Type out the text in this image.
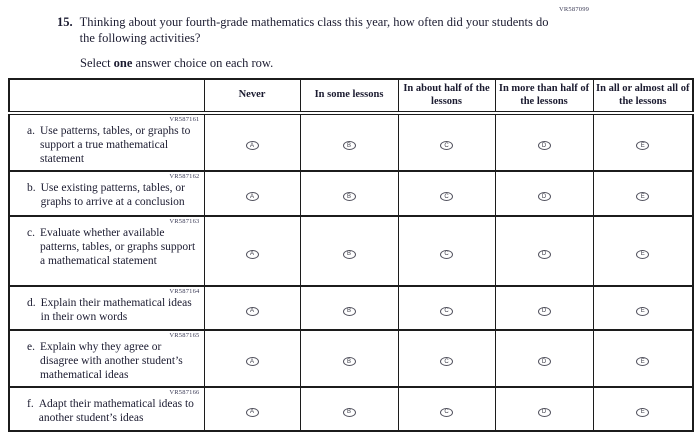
VR587099
15. Thinking about your fourth-grade mathematics class this year, how often did your students do the following activities?
Select one answer choice on each row.
	Never	In some lessons	In about half of the lessons	In more than half of the lessons	In all or almost all of the lessons

VR587161
a. Use patterns, tables, or graphs to support a true mathematical statement	A	B	C	D	E

VR587162
b. Use existing patterns, tables, or graphs to arrive at a conclusion	A	B	C	D	E

VR587163
c. Evaluate whether available patterns, tables, or graphs support a mathematical statement	A	B	C	D	E

VR587164
d. Explain their mathematical ideas in their own words	A	B	C	D	E

VR587165
e. Explain why they agree or disagree with another student’s mathematical ideas	A	B	C	D	E

VR587166
f. Adapt their mathematical ideas to another student’s ideas	A	B	C	D	E
